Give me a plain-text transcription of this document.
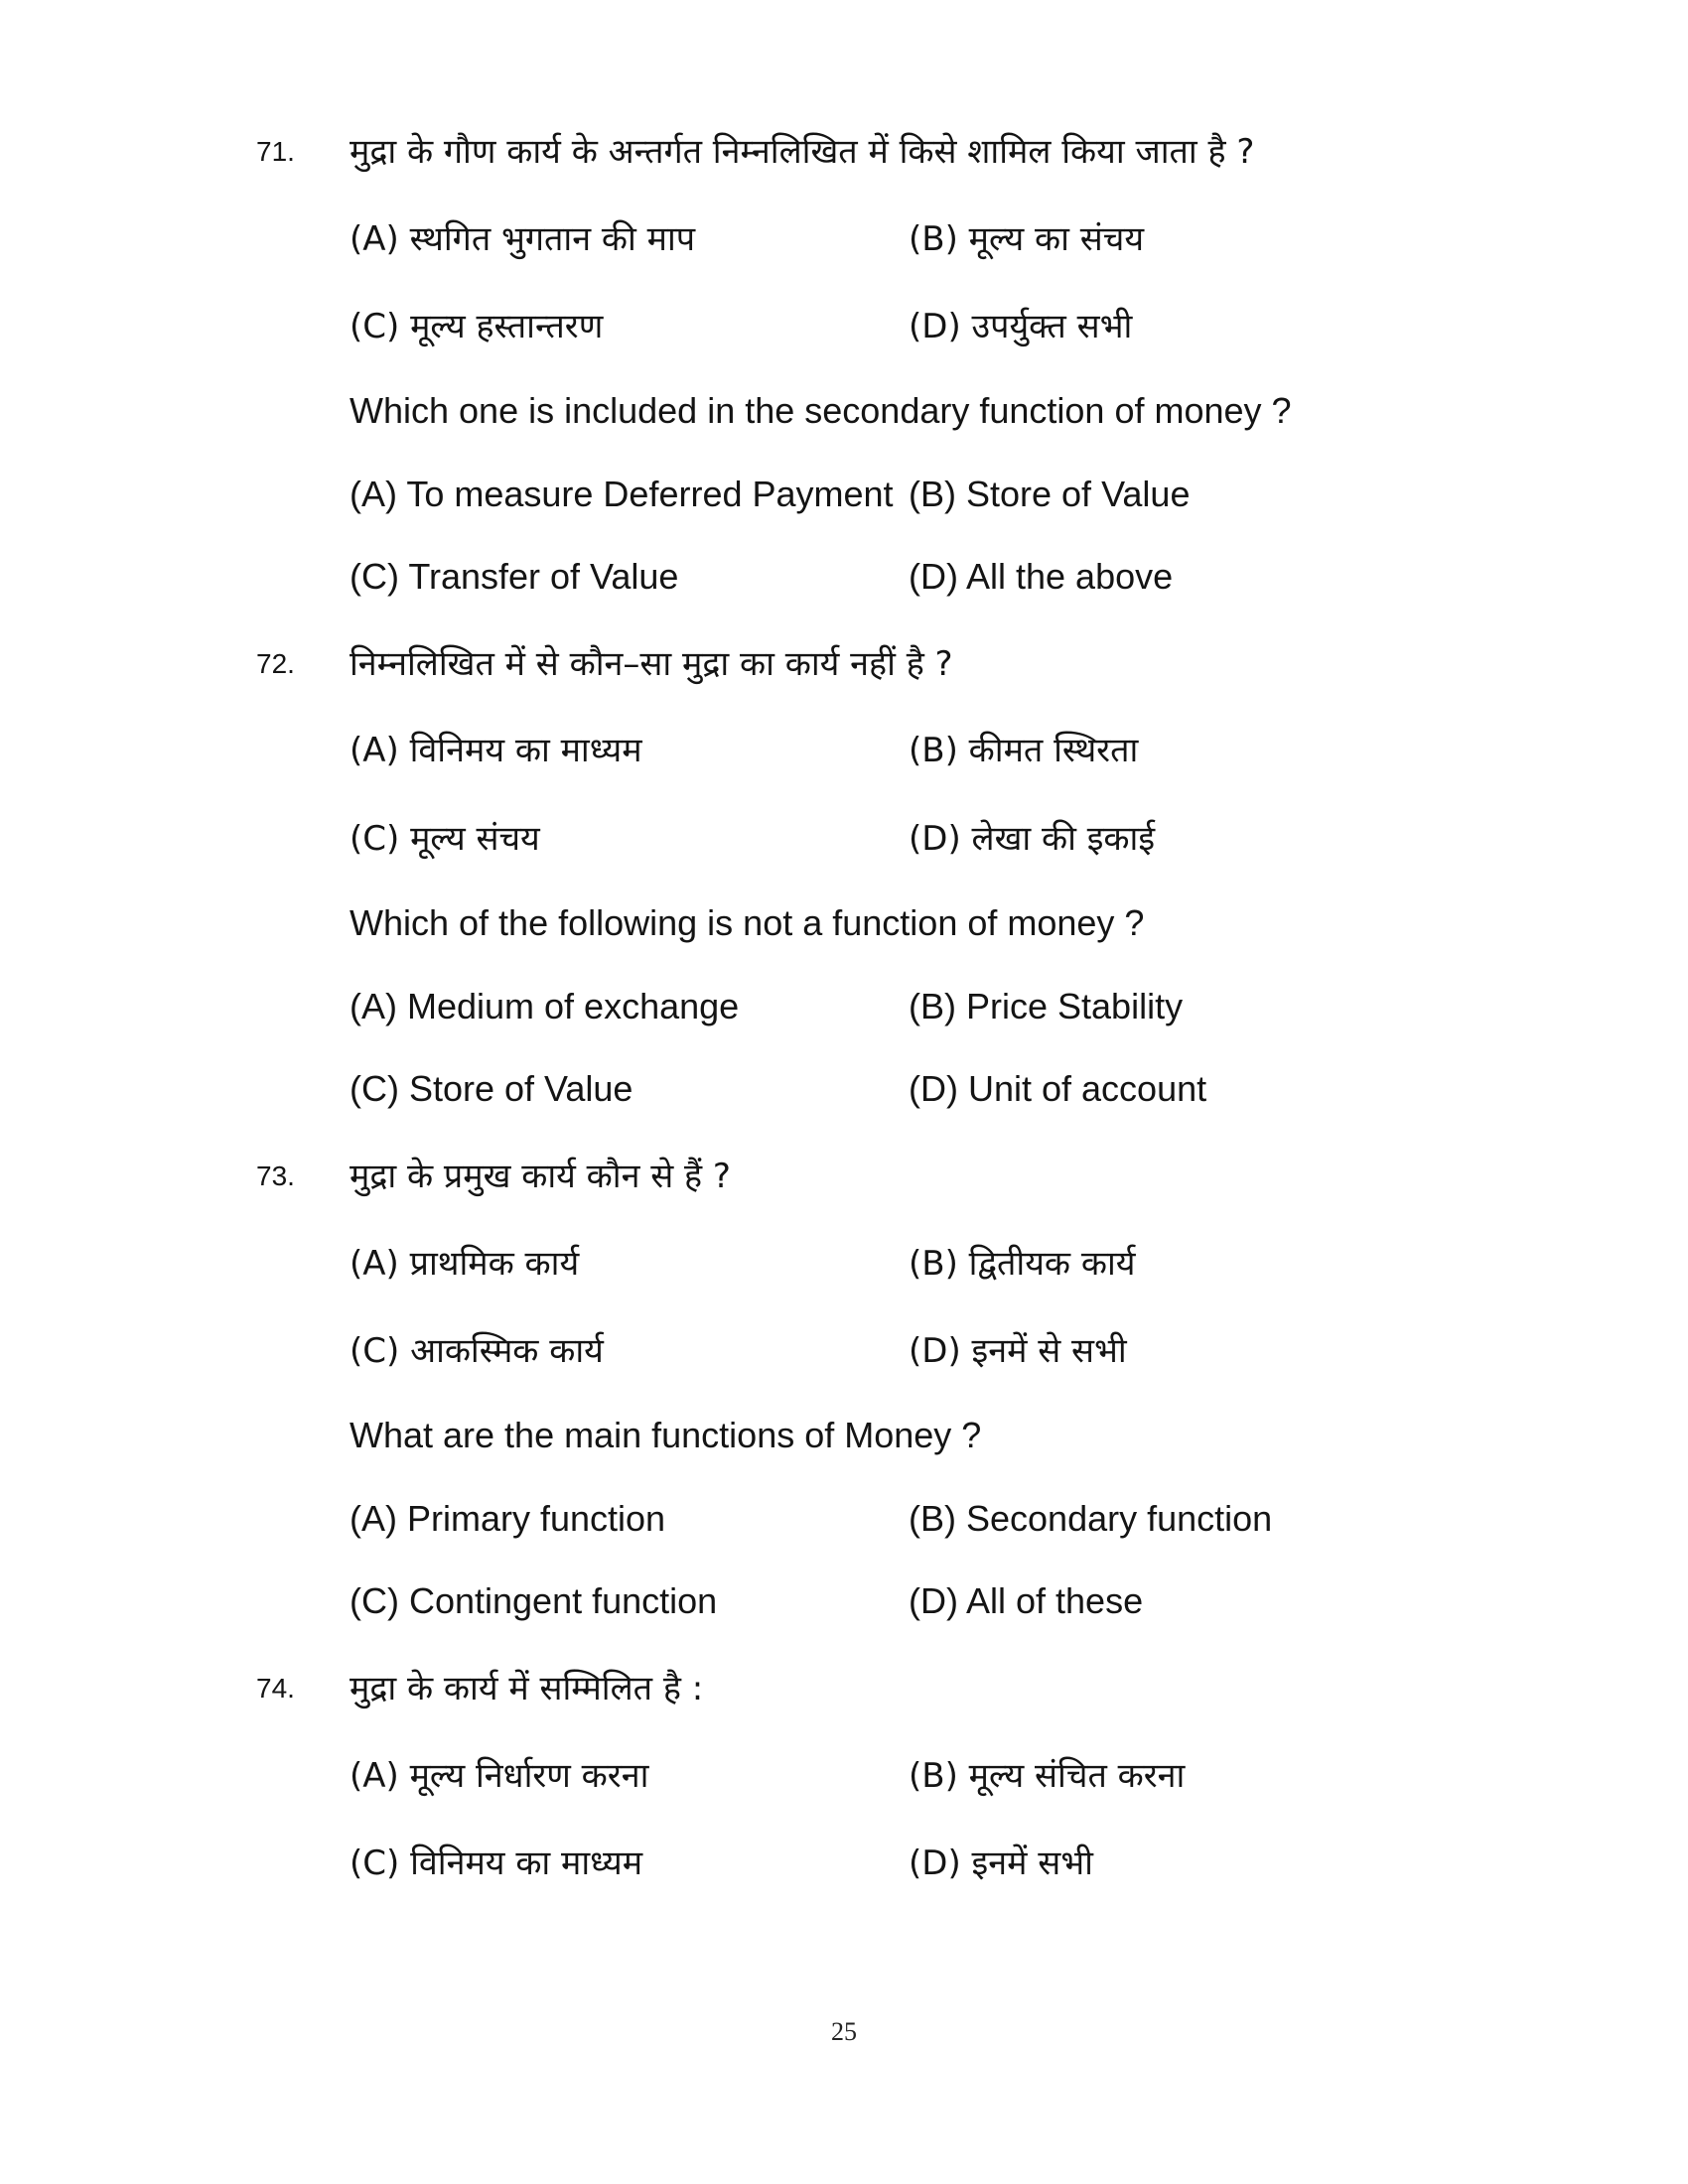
71. मुद्रा के गौण कार्य के अन्तर्गत निम्नलिखित में किसे शामिल किया जाता है ?
(A) स्थगित भुगतान की माप	(B) मूल्य का संचय
(C) मूल्य हस्तान्तरण	(D) उपर्युक्त सभी
Which one is included in the secondary function of money ?
(A) To measure Deferred Payment (B) Store of Value
(C) Transfer of Value	(D) All the above
72. निम्नलिखित में से कौन–सा मुद्रा का कार्य नहीं है ?
(A) विनिमय का माध्यम	(B) कीमत स्थिरता
(C) मूल्य संचय	(D) लेखा की इकाई
Which of the following is not a function of money ?
(A) Medium of exchange	(B) Price Stability
(C) Store of Value	(D) Unit of account
73. मुद्रा के प्रमुख कार्य कौन से हैं ?
(A) प्राथमिक कार्य	(B) द्वितीयक कार्य
(C) आकस्मिक कार्य	(D) इनमें से सभी
What are the main functions of Money ?
(A) Primary function	(B) Secondary function
(C) Contingent function	(D) All of these
74. मुद्रा के कार्य में सम्मिलित है :
(A) मूल्य निर्धारण करना	(B) मूल्य संचित करना
(C) विनिमय का माध्यम	(D) इनमें सभी
25
